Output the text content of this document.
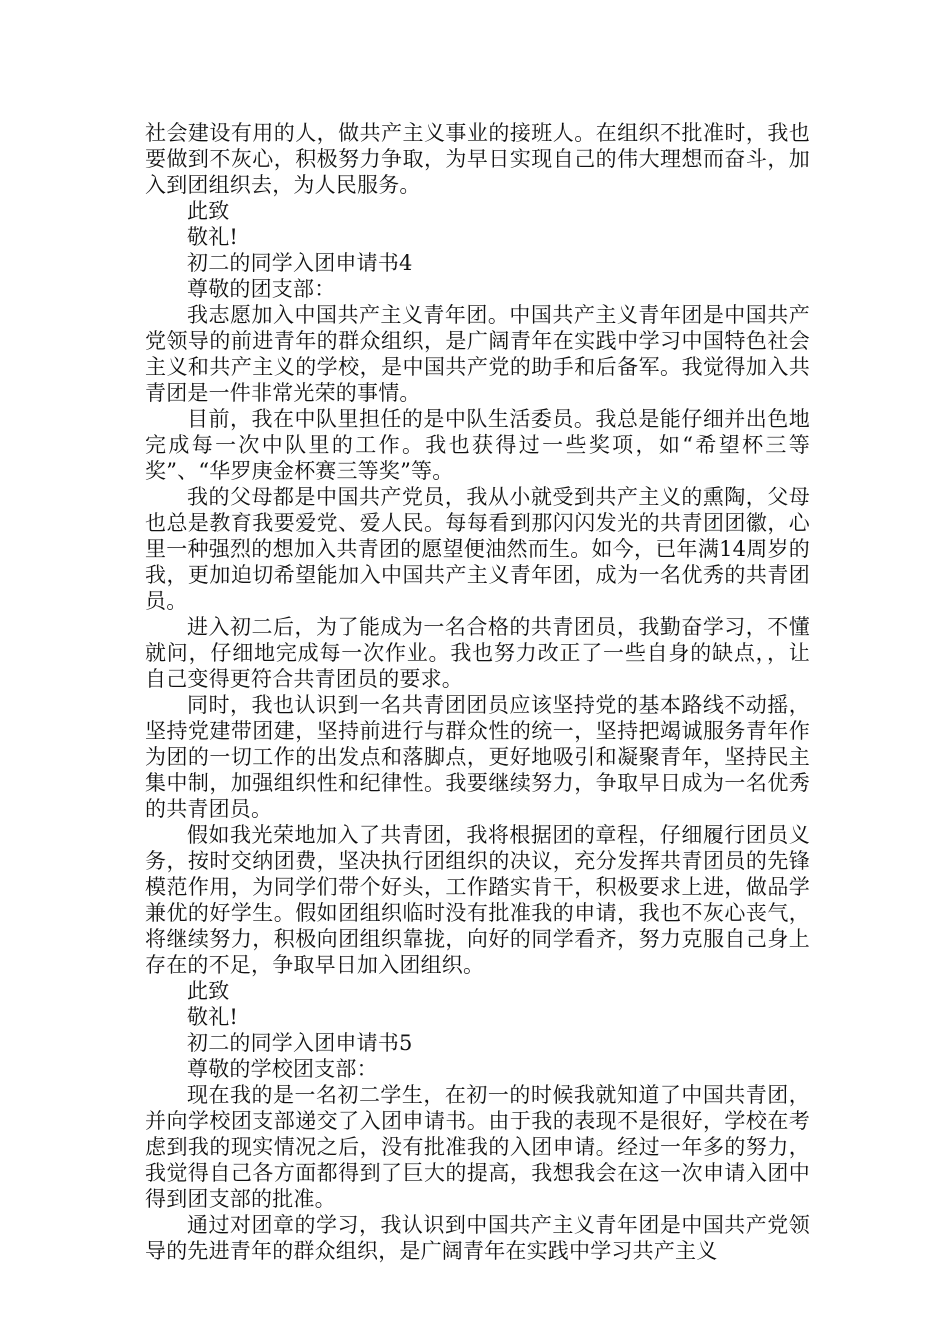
社会建设有用的人，做共产主义事业的接班人。在组织不批准时，我也要做到不灰心，积极努力争取，为早日实现自己的伟大理想而奋斗，加入到团组织去，为人民服务。

此致

敬礼!

初二的同学入团申请书4

尊敬的团支部：

我志愿加入中国共产主义青年团。中国共产主义青年团是中国共产党领导的前进青年的群众组织，是广阔青年在实践中学习中国特色社会主义和共产主义的学校，是中国共产党的助手和后备军。我觉得加入共青团是一件非常光荣的事情。

目前，我在中队里担任的是中队生活委员。我总是能仔细并出色地完成每一次中队里的工作。我也获得过一些奖项，如“希望杯三等奖”、“华罗庚金杯赛三等奖”等。

我的父母都是中国共产党员，我从小就受到共产主义的熏陶，父母也总是教育我要爱党、爱人民。每每看到那闪闪发光的共青团团徽，心里一种强烈的想加入共青团的愿望便油然而生。如今，已年满14周岁的我，更加迫切希望能加入中国共产主义青年团，成为一名优秀的共青团员。

进入初二后，为了能成为一名合格的共青团员，我勤奋学习，不懂就问，仔细地完成每一次作业。我也努力改正了一些自身的缺点，，让自己变得更符合共青团员的要求。

同时，我也认识到一名共青团团员应该坚持党的基本路线不动摇，坚持党建带团建，坚持前进行与群众性的统一，坚持把竭诚服务青年作为团的一切工作的出发点和落脚点，更好地吸引和凝聚青年，坚持民主集中制，加强组织性和纪律性。我要继续努力，争取早日成为一名优秀的共青团员。

假如我光荣地加入了共青团，我将根据团的章程，仔细履行团员义务，按时交纳团费，坚决执行团组织的决议，充分发挥共青团员的先锋模范作用，为同学们带个好头，工作踏实肯干，积极要求上进，做品学兼优的好学生。假如团组织临时没有批准我的申请，我也不灰心丧气，将继续努力，积极向团组织靠拢，向好的同学看齐，努力克服自己身上存在的不足，争取早日加入团组织。

此致

敬礼!

初二的同学入团申请书5

尊敬的学校团支部：

现在我的是一名初二学生，在初一的时候我就知道了中国共青团，并向学校团支部递交了入团申请书。由于我的表现不是很好，学校在考虑到我的现实情况之后，没有批准我的入团申请。经过一年多的努力，我觉得自己各方面都得到了巨大的提高，我想我会在这一次申请入团中得到团支部的批准。

通过对团章的学习，我认识到中国共产主义青年团是中国共产党领导的先进青年的群众组织，是广阔青年在实践中学习共产主义
